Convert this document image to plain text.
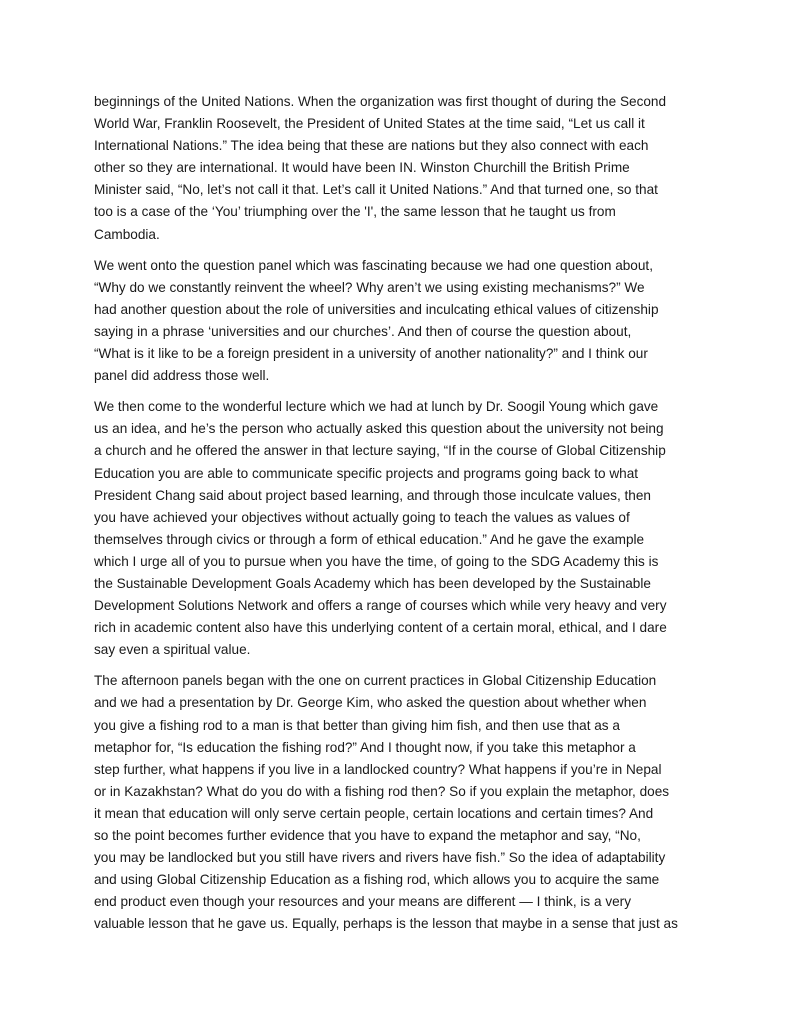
beginnings of the United Nations. When the organization was first thought of during the Second
World War, Franklin Roosevelt, the President of United States at the time said, “Let us call it
International Nations.” The idea being that these are nations but they also connect with each
other so they are international. It would have been IN. Winston Churchill the British Prime
Minister said, “No, let’s not call it that. Let’s call it United Nations.” And that turned one, so that
too is a case of the ‘You’ triumphing over the 'I', the same lesson that he taught us from
Cambodia.

We went onto the question panel which was fascinating because we had one question about,
“Why do we constantly reinvent the wheel? Why aren’t we using existing mechanisms?” We
had another question about the role of universities and inculcating ethical values of citizenship
saying in a phrase ‘universities and our churches’. And then of course the question about,
“What is it like to be a foreign president in a university of another nationality?” and I think our
panel did address those well.

We then come to the wonderful lecture which we had at lunch by Dr. Soogil Young which gave
us an idea, and he’s the person who actually asked this question about the university not being
a church and he offered the answer in that lecture saying, “If in the course of Global Citizenship
Education you are able to communicate specific projects and programs going back to what
President Chang said about project based learning, and through those inculcate values, then
you have achieved your objectives without actually going to teach the values as values of
themselves through civics or through a form of ethical education.” And he gave the example
which I urge all of you to pursue when you have the time, of going to the SDG Academy this is
the Sustainable Development Goals Academy which has been developed by the Sustainable
Development Solutions Network and offers a range of courses which while very heavy and very
rich in academic content also have this underlying content of a certain moral, ethical, and I dare
say even a spiritual value.

The afternoon panels began with the one on current practices in Global Citizenship Education
and we had a presentation by Dr. George Kim, who asked the question about whether when
you give a fishing rod to a man is that better than giving him fish, and then use that as a
metaphor for, “Is education the fishing rod?” And I thought now, if you take this metaphor a
step further, what happens if you live in a landlocked country? What happens if you’re in Nepal
or in Kazakhstan? What do you do with a fishing rod then? So if you explain the metaphor, does
it mean that education will only serve certain people, certain locations and certain times? And
so the point becomes further evidence that you have to expand the metaphor and say, “No,
you may be landlocked but you still have rivers and rivers have fish.” So the idea of adaptability
and using Global Citizenship Education as a fishing rod, which allows you to acquire the same
end product even though your resources and your means are different — I think, is a very
valuable lesson that he gave us. Equally, perhaps is the lesson that maybe in a sense that just as
